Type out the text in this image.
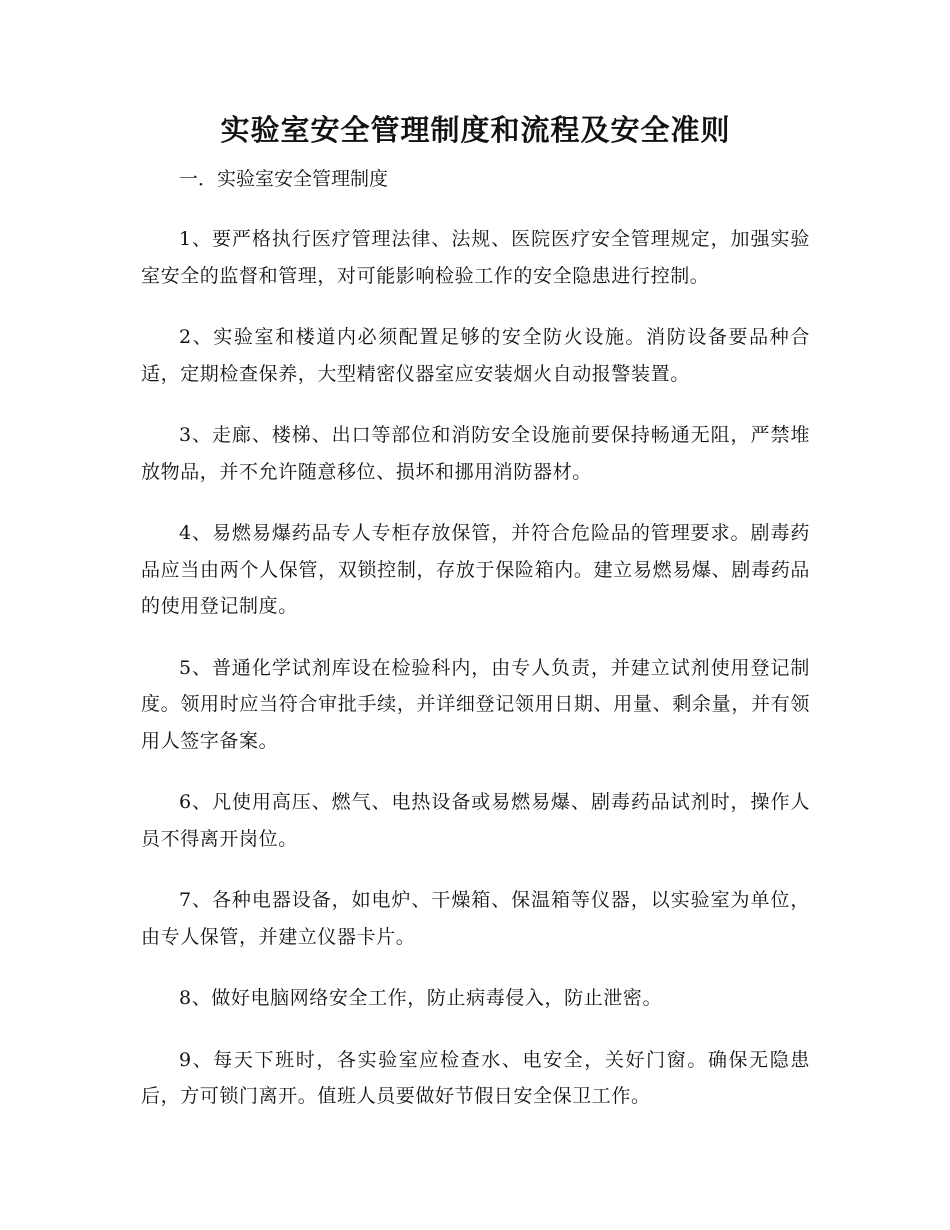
实验室安全管理制度和流程及安全准则

一．实验室安全管理制度

1、要严格执行医疗管理法律、法规、医院医疗安全管理规定，加强实验室安全的监督和管理，对可能影响检验工作的安全隐患进行控制。

2、实验室和楼道内必须配置足够的安全防火设施。消防设备要品种合适，定期检查保养，大型精密仪器室应安装烟火自动报警装置。

3、走廊、楼梯、出口等部位和消防安全设施前要保持畅通无阻，严禁堆放物品，并不允许随意移位、损坏和挪用消防器材。

4、易燃易爆药品专人专柜存放保管，并符合危险品的管理要求。剧毒药品应当由两个人保管，双锁控制，存放于保险箱内。建立易燃易爆、剧毒药品的使用登记制度。

5、普通化学试剂库设在检验科内，由专人负责，并建立试剂使用登记制度。领用时应当符合审批手续，并详细登记领用日期、用量、剩余量，并有领用人签字备案。

6、凡使用高压、燃气、电热设备或易燃易爆、剧毒药品试剂时，操作人员不得离开岗位。

7、各种电器设备，如电炉、干燥箱、保温箱等仪器，以实验室为单位，由专人保管，并建立仪器卡片。

8、做好电脑网络安全工作，防止病毒侵入，防止泄密。

9、每天下班时，各实验室应检查水、电安全，关好门窗。确保无隐患后，方可锁门离开。值班人员要做好节假日安全保卫工作。
